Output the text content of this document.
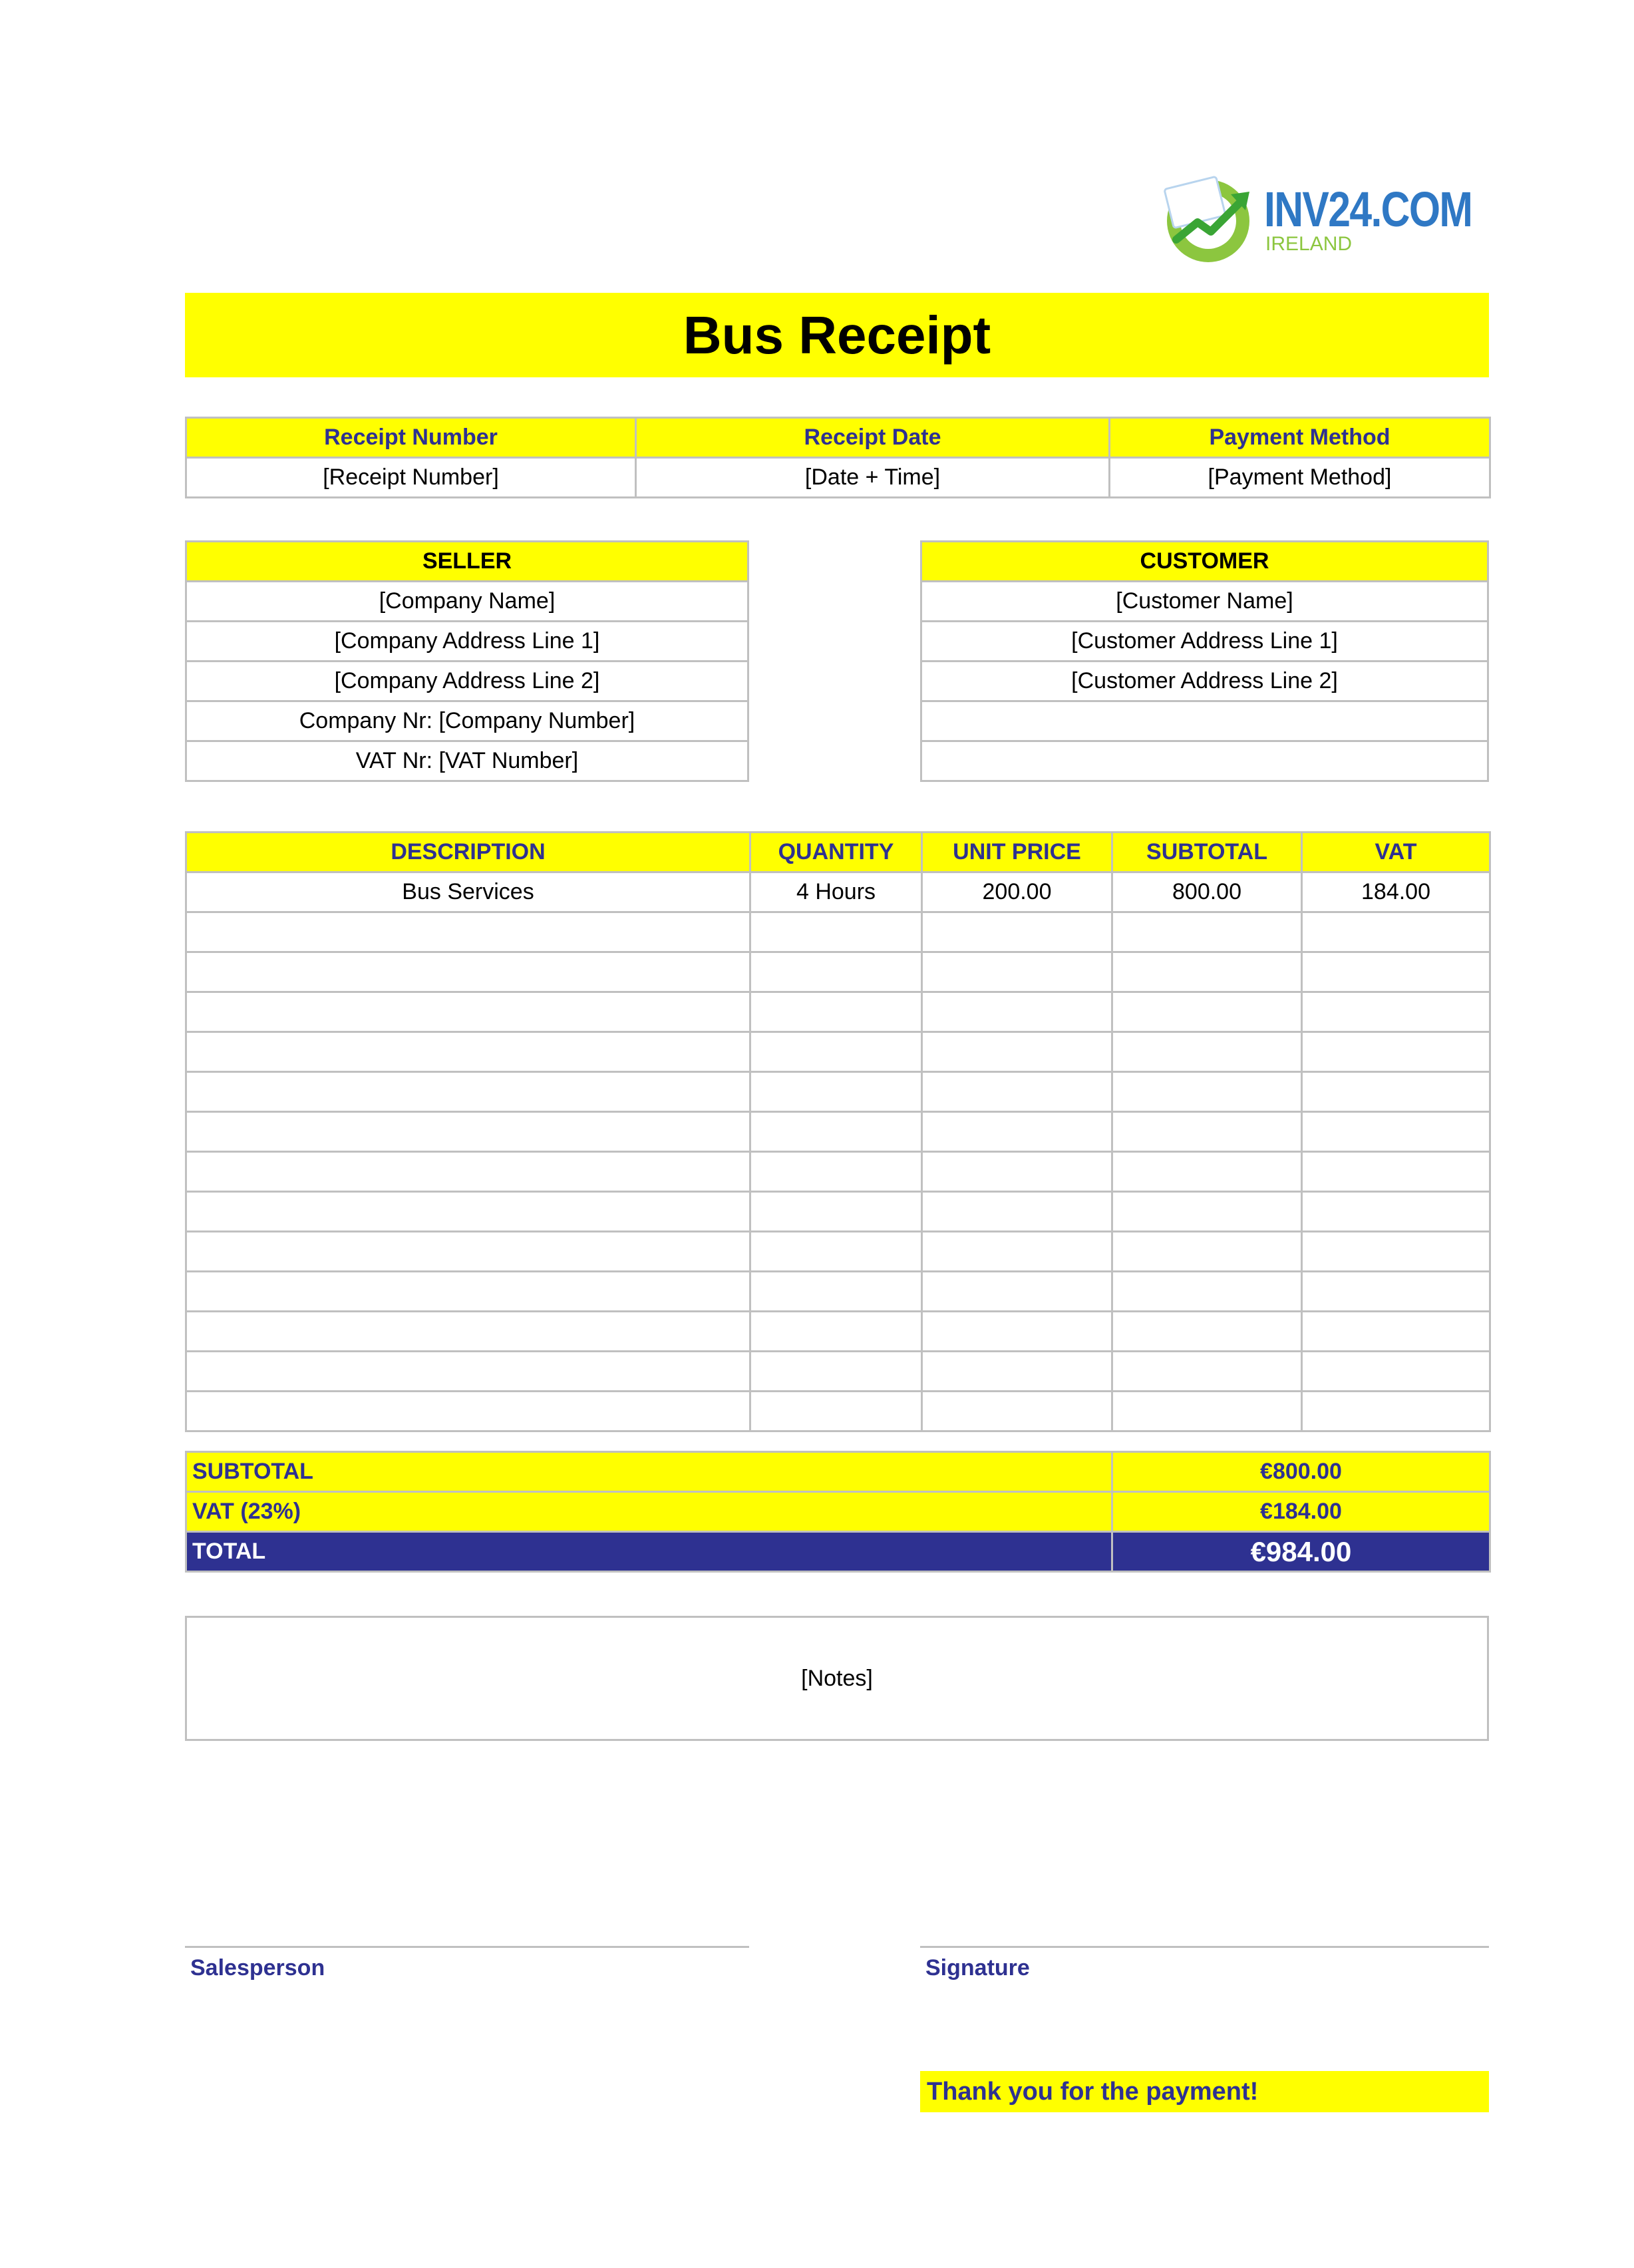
INV24.COM
IRELAND
Bus Receipt
Receipt Number	Receipt Date	Payment Method
[Receipt Number]	[Date + Time]	[Payment Method]
SELLER
[Company Name]
[Company Address Line 1]
[Company Address Line 2]
Company Nr: [Company Number]
VAT Nr: [VAT Number]
CUSTOMER
[Customer Name]
[Customer Address Line 1]
[Customer Address Line 2]

DESCRIPTION	QUANTITY	UNIT PRICE	SUBTOTAL	VAT
Bus Services	4 Hours	200.00	800.00	184.00

SUBTOTAL	€800.00
VAT (23%)	€184.00
TOTAL	€984.00
[Notes]
Salesperson	Signature
Thank you for the payment!
